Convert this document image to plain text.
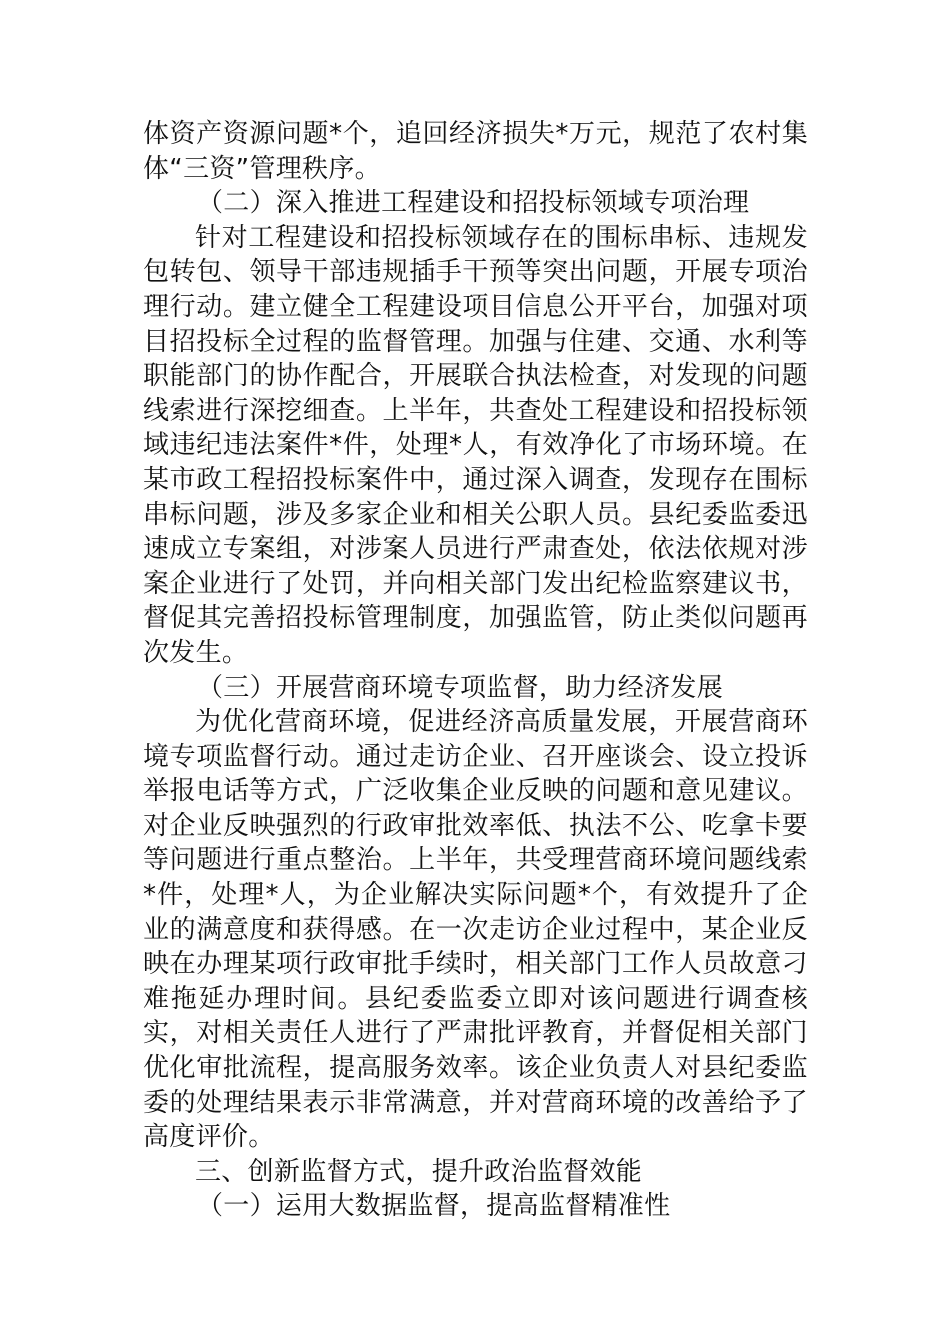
体资产资源问题*个，追回经济损失*万元，规范了农村集体“三资”管理秩序。

（二）深入推进工程建设和招投标领域专项治理

针对工程建设和招投标领域存在的围标串标、违规发包转包、领导干部违规插手干预等突出问题，开展专项治理行动。建立健全工程建设项目信息公开平台，加强对项目招投标全过程的监督管理。加强与住建、交通、水利等职能部门的协作配合，开展联合执法检查，对发现的问题线索进行深挖细查。上半年，共查处工程建设和招投标领域违纪违法案件*件，处理*人，有效净化了市场环境。在某市政工程招投标案件中，通过深入调查，发现存在围标串标问题，涉及多家企业和相关公职人员。县纪委监委迅速成立专案组，对涉案人员进行严肃查处，依法依规对涉案企业进行了处罚，并向相关部门发出纪检监察建议书，督促其完善招投标管理制度，加强监管，防止类似问题再次发生。

（三）开展营商环境专项监督，助力经济发展

为优化营商环境，促进经济高质量发展，开展营商环境专项监督行动。通过走访企业、召开座谈会、设立投诉举报电话等方式，广泛收集企业反映的问题和意见建议。对企业反映强烈的行政审批效率低、执法不公、吃拿卡要等问题进行重点整治。上半年，共受理营商环境问题线索*件，处理*人，为企业解决实际问题*个，有效提升了企业的满意度和获得感。在一次走访企业过程中，某企业反映在办理某项行政审批手续时，相关部门工作人员故意刁难拖延办理时间。县纪委监委立即对该问题进行调查核实，对相关责任人进行了严肃批评教育，并督促相关部门优化审批流程，提高服务效率。该企业负责人对县纪委监委的处理结果表示非常满意，并对营商环境的改善给予了高度评价。

三、创新监督方式，提升政治监督效能

（一）运用大数据监督，提高监督精准性
